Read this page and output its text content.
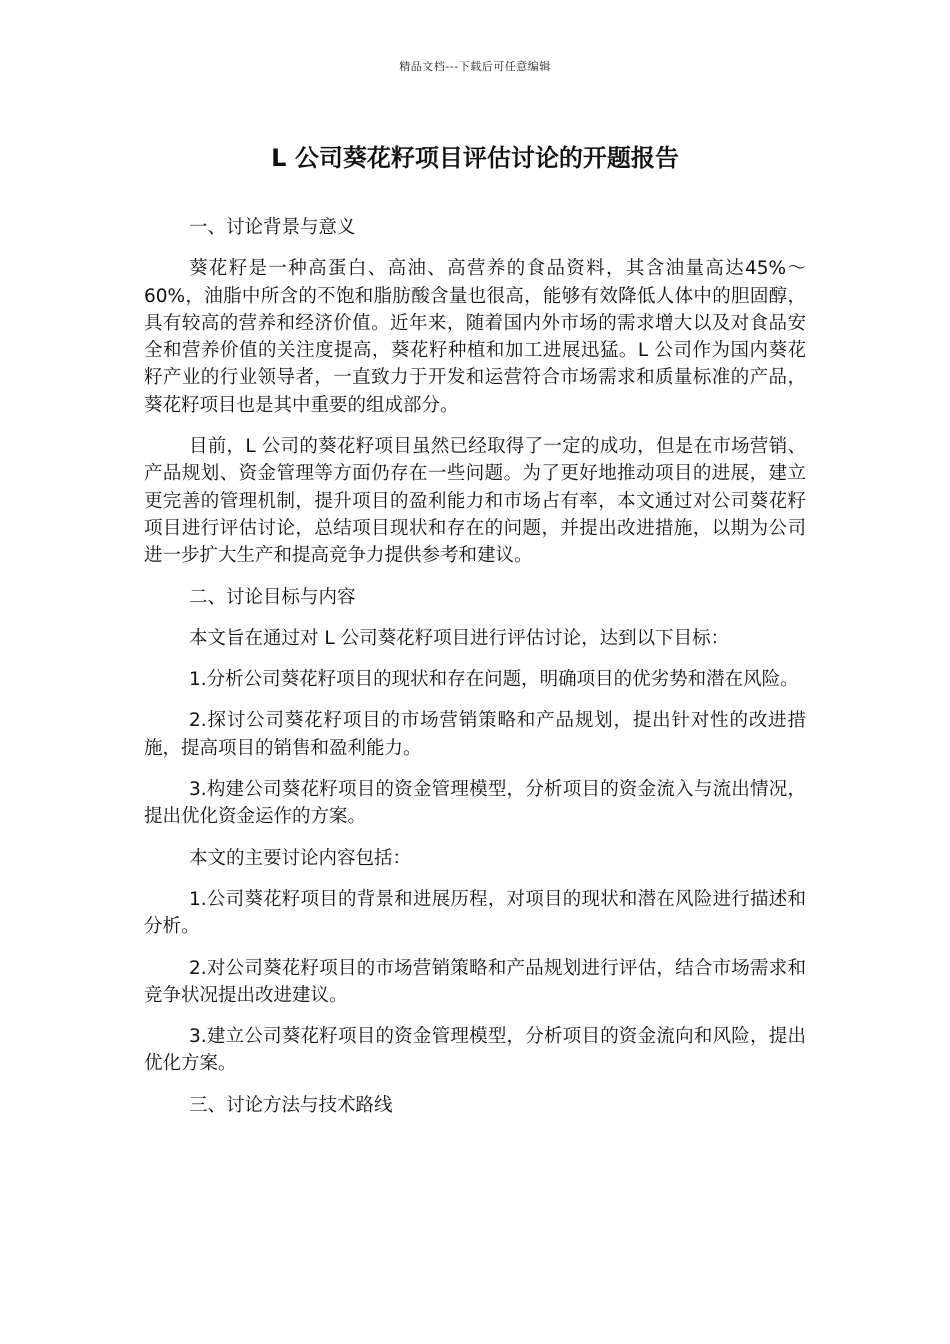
精品文档---下载后可任意编辑
L 公司葵花籽项目评估讨论的开题报告

一、讨论背景与意义

葵花籽是一种高蛋白、高油、高营养的食品资料，其含油量高达45%～60%，油脂中所含的不饱和脂肪酸含量也很高，能够有效降低人体中的胆固醇，具有较高的营养和经济价值。近年来，随着国内外市场的需求增大以及对食品安全和营养价值的关注度提高，葵花籽种植和加工进展迅猛。L 公司作为国内葵花籽产业的行业领导者，一直致力于开发和运营符合市场需求和质量标准的产品，葵花籽项目也是其中重要的组成部分。

目前，L 公司的葵花籽项目虽然已经取得了一定的成功，但是在市场营销、产品规划、资金管理等方面仍存在一些问题。为了更好地推动项目的进展，建立更完善的管理机制，提升项目的盈利能力和市场占有率，本文通过对公司葵花籽项目进行评估讨论，总结项目现状和存在的问题，并提出改进措施，以期为公司进一步扩大生产和提高竞争力提供参考和建议。

二、讨论目标与内容

本文旨在通过对 L 公司葵花籽项目进行评估讨论，达到以下目标：

1.分析公司葵花籽项目的现状和存在问题，明确项目的优劣势和潜在风险。

2.探讨公司葵花籽项目的市场营销策略和产品规划，提出针对性的改进措施，提高项目的销售和盈利能力。

3.构建公司葵花籽项目的资金管理模型，分析项目的资金流入与流出情况，提出优化资金运作的方案。

本文的主要讨论内容包括：

1.公司葵花籽项目的背景和进展历程，对项目的现状和潜在风险进行描述和分析。

2.对公司葵花籽项目的市场营销策略和产品规划进行评估，结合市场需求和竞争状况提出改进建议。

3.建立公司葵花籽项目的资金管理模型，分析项目的资金流向和风险，提出优化方案。

三、讨论方法与技术路线
